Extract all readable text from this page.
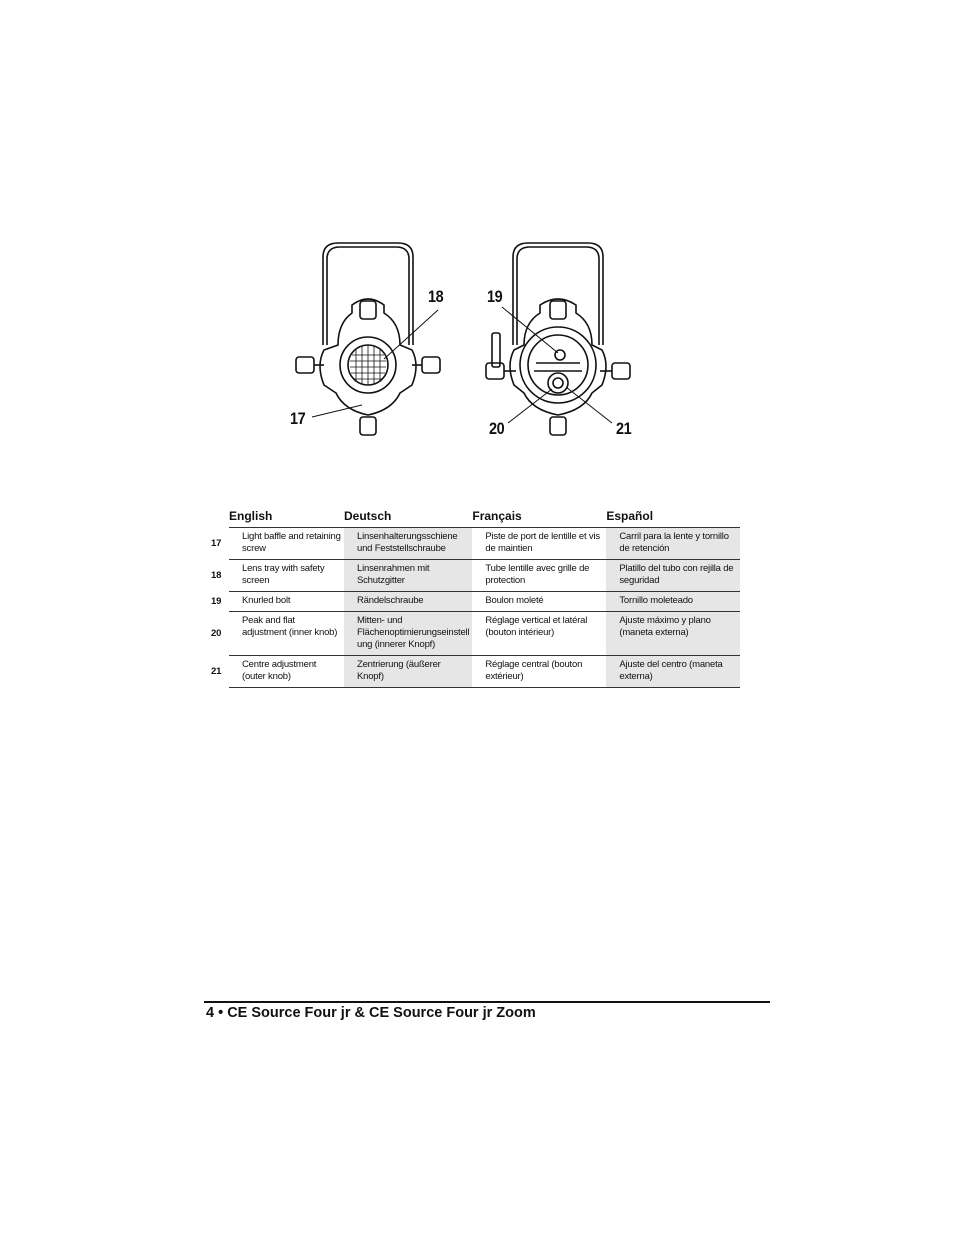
18
17
19
20	21
	English	Deutsch	Français	Español
17	Light baffle and retaining screw	Linsenhalterungsschiene und Feststellschraube	Piste de port de lentille et vis de maintien	Carril para la lente y tornillo de retención
18	Lens tray with safety screen	Linsenrahmen mit Schutzgitter	Tube lentille avec grille de protection	Platillo del tubo con rejilla de seguridad
19	Knurled bolt	Rändelschraube	Boulon moleté	Tornillo moleteado
20	Peak and flat adjustment (inner knob)	Mitten- und Flächenoptimierungseinstell ung (innerer Knopf)	Réglage vertical et latéral (bouton intérieur)	Ajuste máximo y plano (maneta externa)
21	Centre adjustment (outer knob)	Zentrierung (äußerer Knopf)	Réglage central (bouton extérieur)	Ajuste del centro (maneta externa)
4 • CE Source Four jr & CE Source Four jr Zoom
